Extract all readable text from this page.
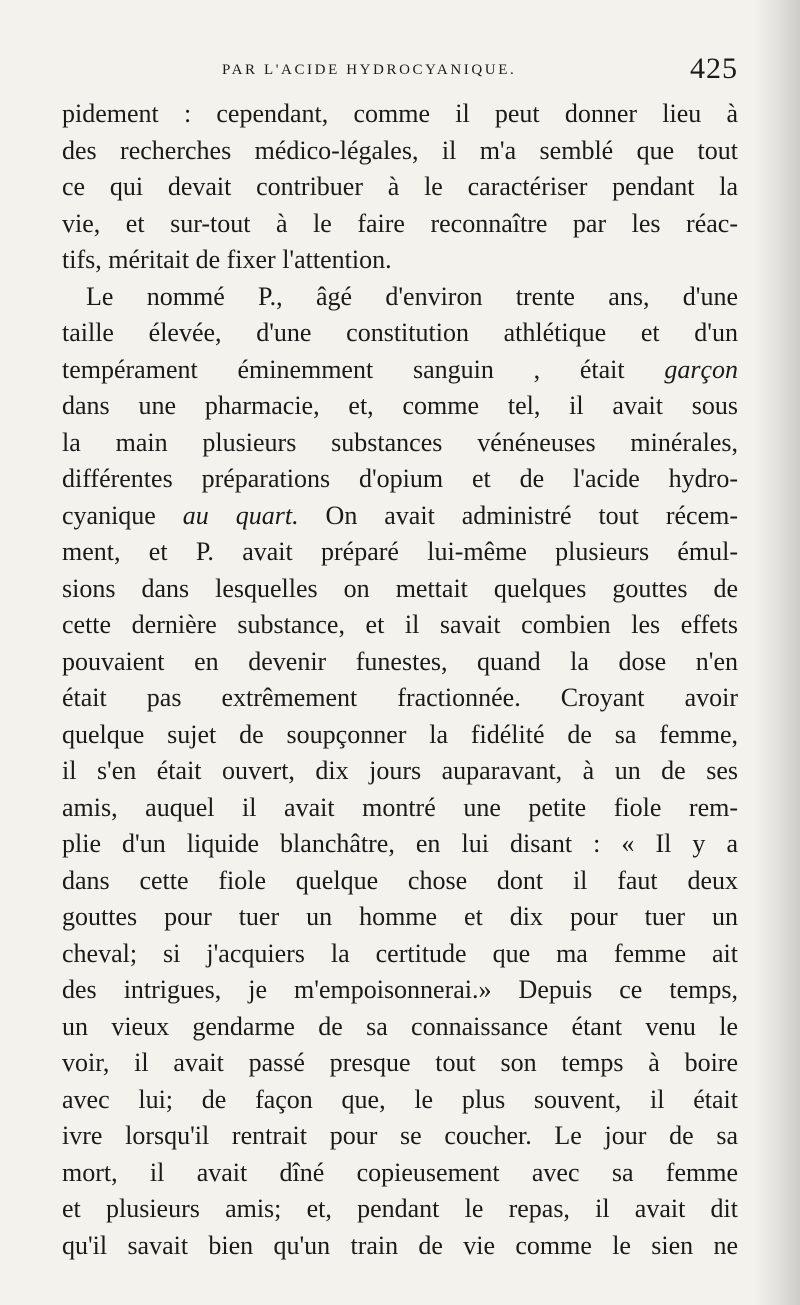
PAR L'ACIDE HYDROCYANIQUE.	425
pidement : cependant, comme il peut donner lieu à
des recherches médico-légales, il m'a semblé que tout
ce qui devait contribuer à le caractériser pendant la
vie, et sur-tout à le faire reconnaître par les réac-
tifs, méritait de fixer l'attention.
Le nommé P., âgé d'environ trente ans, d'une
taille élevée, d'une constitution athlétique et d'un
tempérament éminemment sanguin , était garçon
dans une pharmacie, et, comme tel, il avait sous
la main plusieurs substances vénéneuses minérales,
différentes préparations d'opium et de l'acide hydro-
cyanique au quart. On avait administré tout récem-
ment, et P. avait préparé lui-même plusieurs émul-
sions dans lesquelles on mettait quelques gouttes de
cette dernière substance, et il savait combien les effets
pouvaient en devenir funestes, quand la dose n'en
était pas extrêmement fractionnée. Croyant avoir
quelque sujet de soupçonner la fidélité de sa femme,
il s'en était ouvert, dix jours auparavant, à un de ses
amis, auquel il avait montré une petite fiole rem-
plie d'un liquide blanchâtre, en lui disant : « Il y a
dans cette fiole quelque chose dont il faut deux
gouttes pour tuer un homme et dix pour tuer un
cheval; si j'acquiers la certitude que ma femme ait
des intrigues, je m'empoisonnerai.» Depuis ce temps,
un vieux gendarme de sa connaissance étant venu le
voir, il avait passé presque tout son temps à boire
avec lui; de façon que, le plus souvent, il était
ivre lorsqu'il rentrait pour se coucher. Le jour de sa
mort, il avait dîné copieusement avec sa femme
et plusieurs amis; et, pendant le repas, il avait dit
qu'il savait bien qu'un train de vie comme le sien ne
